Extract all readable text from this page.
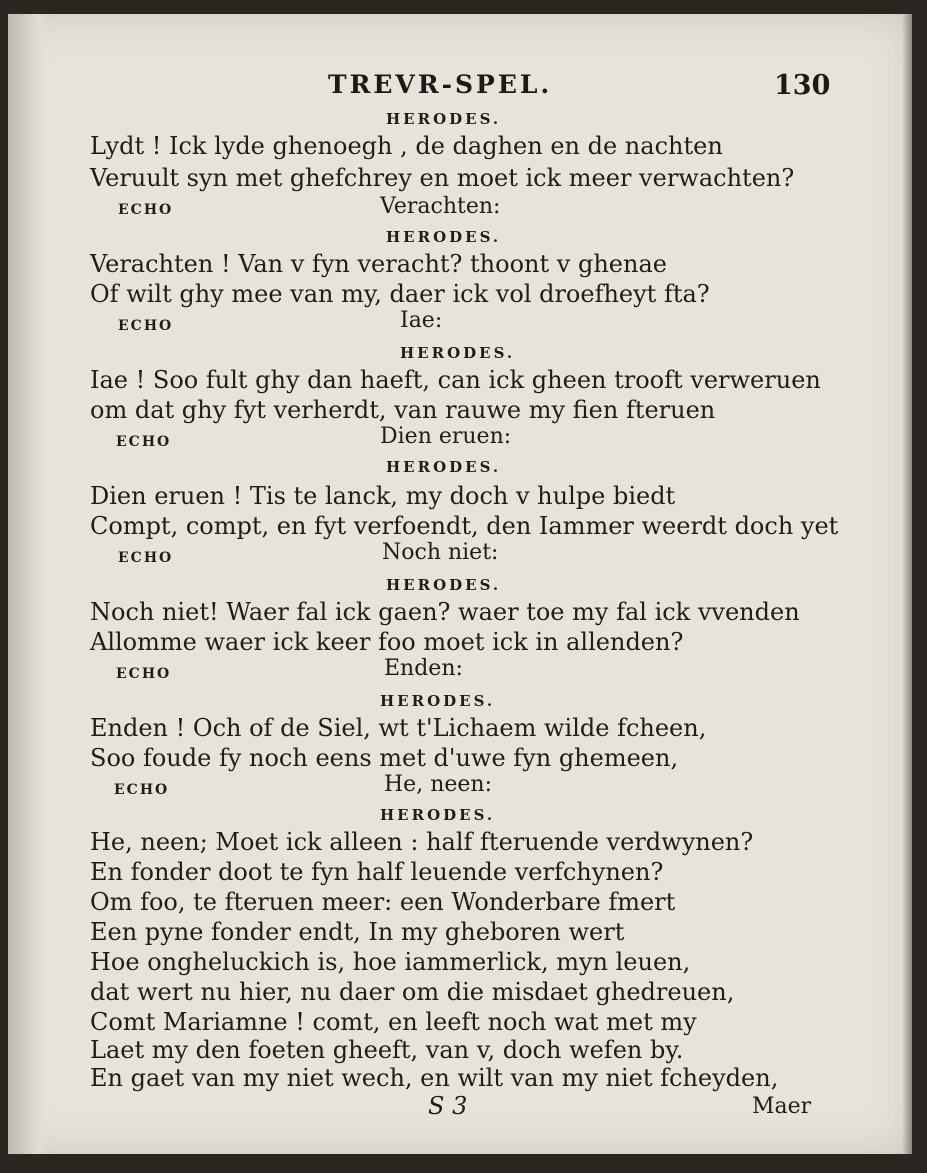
TREVR-SPEL.	130
HERODES.
Lydt ! Ick lyde ghenoegh , de daghen en de nachten
Veruult syn met ghefchrey en moet ick meer verwachten?
ECHO	Verachten:
HERODES.
Verachten ! Van v fyn veracht? thoont v ghenae
Of wilt ghy mee van my, daer ick vol droefheyt fta?
ECHO	Iae:
HERODES.
Iae ! Soo fult ghy dan haeft, can ick gheen trooft verweruen
om dat ghy fyt verherdt, van rauwe my fien fteruen
ECHO	Dien eruen:
HERODES.
Dien eruen ! Tis te lanck, my doch v hulpe biedt
Compt, compt, en fyt verfoendt, den Iammer weerdt doch yet
ECHO	Noch niet:
HERODES.
Noch niet! Waer fal ick gaen? waer toe my fal ick vvenden
Allomme waer ick keer foo moet ick in allenden?
ECHO	Enden:
HERODES.
Enden ! Och of de Siel, wt t'Lichaem wilde fcheen,
Soo foude fy noch eens met d'uwe fyn ghemeen,
ECHO	He, neen:
HERODES.
He, neen; Moet ick alleen : half fteruende verdwynen?
En fonder doot te fyn half leuende verfchynen?
Om foo, te fteruen meer: een Wonderbare fmert
Een pyne fonder endt, In my gheboren wert
Hoe ongheluckich is, hoe iammerlick, myn leuen,
dat wert nu hier, nu daer om die misdaet ghedreuen,
Comt Mariamne ! comt, en leeft noch wat met my
Laet my den foeten gheeft, van v, doch wefen by.
En gaet van my niet wech, en wilt van my niet fcheyden,
S 3	Maer
